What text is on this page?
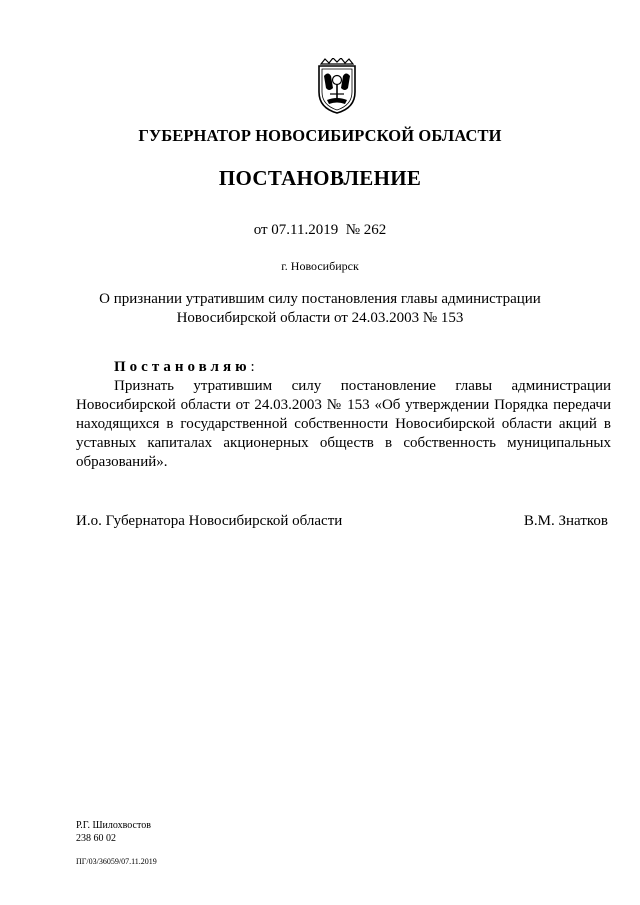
ГУБЕРНАТОР НОВОСИБИРСКОЙ ОБЛАСТИ
ПОСТАНОВЛЕНИЕ
от 07.11.2019  № 262
г. Новосибирск
О признании утратившим силу постановления главы администрации
Новосибирской области от 24.03.2003 № 153
Постановляю:
Признать утратившим силу постановление главы администрации Новосибирской области от 24.03.2003 № 153 «Об утверждении Порядка передачи находящихся в государственной собственности Новосибирской области акций в уставных капиталах акционерных обществ в собственность муниципальных образований».
И.о. Губернатора Новосибирской области	В.М. Знатков
Р.Г. Шилохвостов
238 60 02
ПГ/03/36059/07.11.2019
